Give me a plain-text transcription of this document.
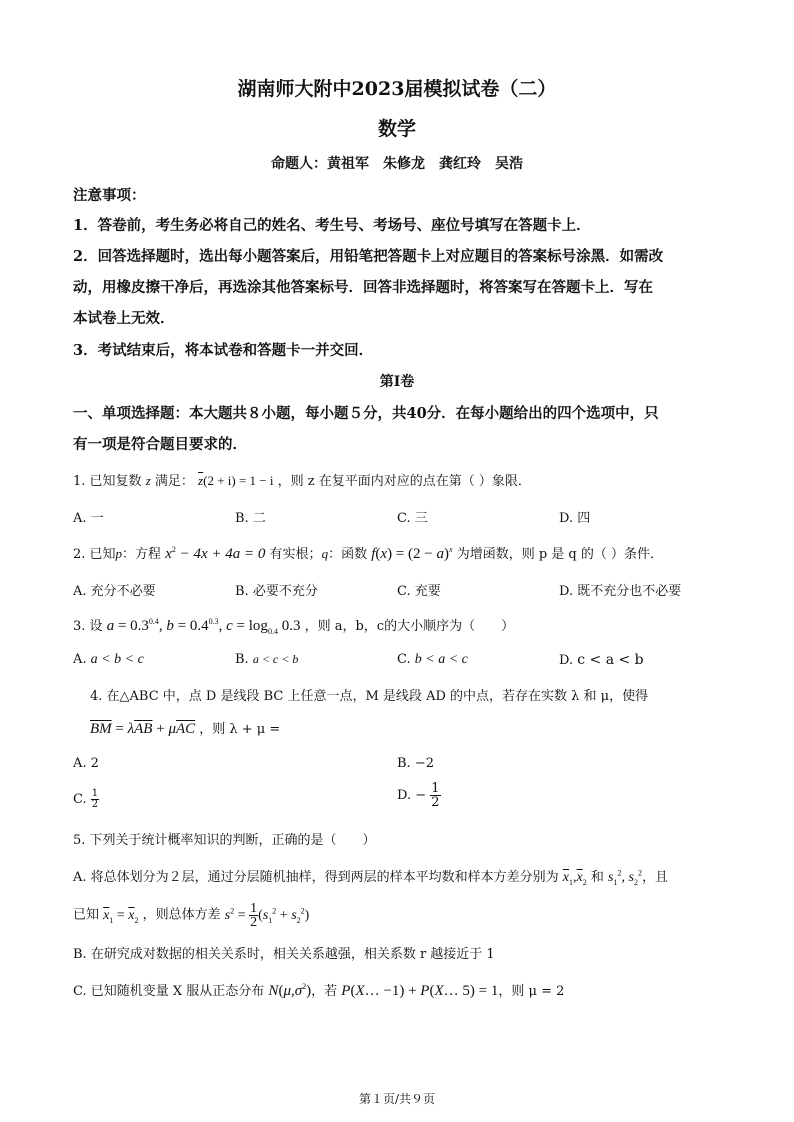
湖南师大附中2023届模拟试卷（二）
数学
命题人：黄祖军　朱修龙　龚红玲　吴浩
注意事项：
1．答卷前，考生务必将自己的姓名、考生号、考场号、座位号填写在答题卡上．
2．回答选择题时，选出每小题答案后，用铅笔把答题卡上对应题目的答案标号涂黑．如需改
动，用橡皮擦干净后，再选涂其他答案标号．回答非选择题时，将答案写在答题卡上．写在
本试卷上无效．
3．考试结束后，将本试卷和答题卡一并交回．
第Ⅰ卷
一、单项选择题：本大题共８小题，每小题５分，共40分．在每小题给出的四个选项中，只
有一项是符合题目要求的．
1. 已知复数 z 满足： $\overline{z}(2 + i) = 1 - i$ ，则 z 在复平面内对应的点在第（ ）象限．
A. 一	B. 二	C. 三	D. 四
2. 已知p：方程 $x^2 - 4x + 4a = 0$ 有实根；q：函数 $f(x) = (2 - a)^x$ 为增函数，则 p 是 q 的（ ）条件．
A. 充分不必要	B. 必要不充分	C. 充要	D. 既不充分也不必要
3. 设 $a = 0.3^{0.4}$, $b = 0.4^{0.3}$, $c = \log_{0.4} 0.3$ ，则 a，b，c的大小顺序为（　　）
A. a < b < c	B. a < c < b	C. b < a < c	D. c < a < b
4. 在△ABC 中，点 D 是线段 BC 上任意一点，M 是线段 AD 的中点，若存在实数 λ 和 μ，使得
$\overline{BM} = \lambda\overline{AB} + \mu\overline{AC}$ ，则 λ + μ =
A. 2	B. −2
C. $\frac{1}{2}$	D. − $\frac{1}{2}$
5. 下列关于统计概率知识的判断，正确的是（　　）
A. 将总体划分为２层，通过分层随机抽样，得到两层的样本平均数和样本方差分别为 $\overline{x}_1,\overline{x}_2$ 和 $s_1^2$, $s_2^2$，且
已知 $\overline{x}_1 = \overline{x}_2$ ，则总体方差 $s^2 = \frac{1}{2} (s_1^2 + s_2^2)$
B. 在研究成对数据的相关关系时，相关关系越强，相关系数 r 越接近于 1
C. 已知随机变量 X 服从正态分布 $N(\mu,\sigma^2)$，若 P(X… −1) + P(X… 5) = 1，则 μ = 2
第１页/共９页
